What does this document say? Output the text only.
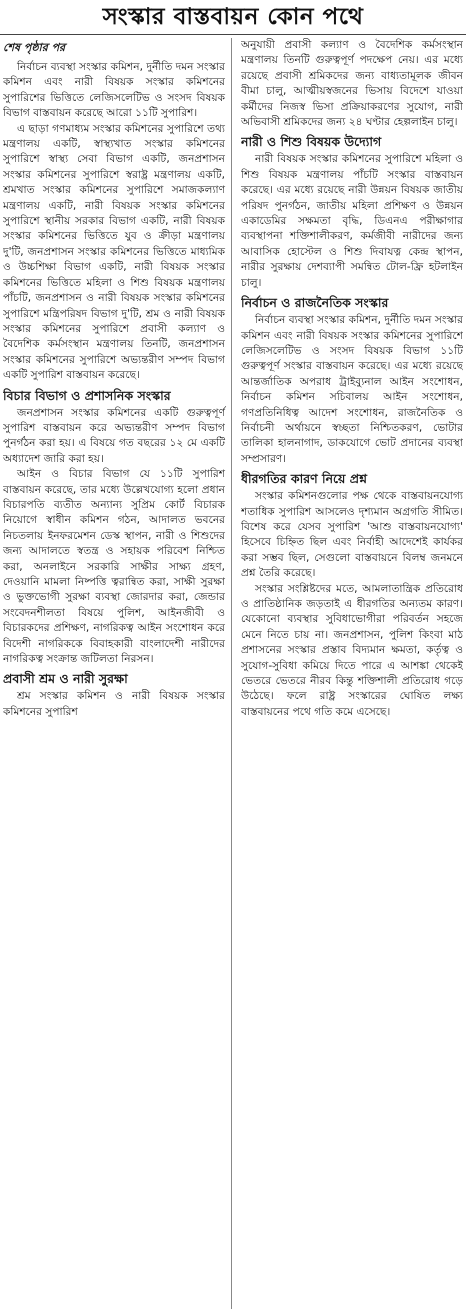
সংস্কার বাস্তবায়ন কোন পথে
শেষ পৃষ্ঠার পর

নির্বাচন ব্যবস্থা সংস্কার কমিশন, দুর্নীতি দমন সংস্কার কমিশন এবং নারী বিষয়ক সংস্কার কমিশনের সুপারিশের ভিত্তিতে লেজিসলেটিভ ও সংসদ বিষয়ক বিভাগ বাস্তবায়ন করেছে আরো ১১টি সুপারিশ।

এ ছাড়া গণমাধ্যম সংস্কার কমিশনের সুপারিশে তথ্য মন্ত্রণালয় একটি, স্বাস্থ্যখাত সংস্কার কমিশনের সুপারিশে স্বাস্থ্য সেবা বিভাগ একটি, জনপ্রশাসন সংস্কার কমিশনের সুপারিশে স্বরাষ্ট্র মন্ত্রণালয় একটি, শ্রমখাত সংস্কার কমিশনের সুপারিশে সমাজকল্যাণ মন্ত্রণালয় একটি, নারী বিষয়ক সংস্কার কমিশনের সুপারিশে স্থানীয় সরকার বিভাগ একটি, নারী বিষয়ক সংস্কার কমিশনের ভিত্তিতে যুব ও ক্রীড়া মন্ত্রণালয় দু'টি, জনপ্রশাসন সংস্কার কমিশনের ভিত্তিতে মাধ্যমিক ও উচ্চশিক্ষা বিভাগ একটি, নারী বিষয়ক সংস্কার কমিশনের ভিত্তিতে মহিলা ও শিশু বিষয়ক মন্ত্রণালয় পাঁচটি, জনপ্রশাসন ও নারী বিষয়ক সংস্কার কমিশনের সুপারিশে মন্ত্রিপরিষদ বিভাগ দু'টি, শ্রম ও নারী বিষয়ক সংস্কার কমিশনের সুপারিশে প্রবাসী কল্যাণ ও বৈদেশিক কর্মসংস্থান মন্ত্রণালয় তিনটি, জনপ্রশাসন সংস্কার কমিশনের সুপারিশে অভ্যন্তরীণ সম্পদ বিভাগ একটি সুপারিশ বাস্তবায়ন করেছে।

বিচার বিভাগ ও প্রশাসনিক সংস্কার

জনপ্রশাসন সংস্কার কমিশনের একটি গুরুত্বপূর্ণ সুপারিশ বাস্তবায়ন করে অভ্যন্তরীণ সম্পদ বিভাগ পুনর্গঠন করা হয়। এ বিষয়ে গত বছরের ১২ মে একটি অধ্যাদেশ জারি করা হয়।

আইন ও বিচার বিভাগ যে ১১টি সুপারিশ বাস্তবায়ন করেছে, তার মধ্যে উল্লেখযোগ্য হলো প্রধান বিচারপতি ব্যতীত অন্যান্য সুপ্রিম কোর্ট বিচারক নিয়োগে স্বাধীন কমিশন গঠন, আদালত ভবনের নিচতলায় ইনফরমেশন ডেস্ক স্থাপন, নারী ও শিশুদের জন্য আদালতে স্বতন্ত্র ও সহায়ক পরিবেশ নিশ্চিত করা, অনলাইনে সরকারি সাক্ষীর সাক্ষ্য গ্রহণ, দেওয়ানি মামলা নিষ্পত্তি ত্বরান্বিত করা, সাক্ষী সুরক্ষা ও ভুক্তভোগী সুরক্ষা ব্যবস্থা জোরদার করা, জেন্ডার সংবেদনশীলতা বিষয়ে পুলিশ, আইনজীবী ও বিচারকদের প্রশিক্ষণ, নাগরিকত্ব আইন সংশোধন করে বিদেশী নাগরিককে বিবাহকারী বাংলাদেশী নারীদের নাগরিকত্ব সংক্রান্ত জটিলতা নিরসন।

প্রবাসী শ্রম ও নারী সুরক্ষা

শ্রম সংস্কার কমিশন ও নারী বিষয়ক সংস্কার কমিশনের সুপারিশ

অনুযায়ী প্রবাসী কল্যাণ ও বৈদেশিক কর্মসংস্থান মন্ত্রণালয় তিনটি গুরুত্বপূর্ণ পদক্ষেপ নেয়। এর মধ্যে রয়েছে প্রবাসী শ্রমিকদের জন্য বাধ্যতামূলক জীবন বীমা চালু, আত্মীয়স্বজনের ভিসায় বিদেশে যাওয়া কর্মীদের নিজস্ব ভিসা প্রক্রিয়াকরণের সুযোগ, নারী অভিবাসী শ্রমিকদের জন্য ২৪ ঘণ্টার হেল্পলাইন চালু।

নারী ও শিশু বিষয়ক উদ্যোগ

নারী বিষয়ক সংস্কার কমিশনের সুপারিশে মহিলা ও শিশু বিষয়ক মন্ত্রণালয় পাঁচটি সংস্কার বাস্তবায়ন করেছে। এর মধ্যে রয়েছে নারী উন্নয়ন বিষয়ক জাতীয় পরিষদ পুনর্গঠন, জাতীয় মহিলা প্রশিক্ষণ ও উন্নয়ন একাডেমির সক্ষমতা বৃদ্ধি, ডিএনএ পরীক্ষাগার ব্যবস্থাপনা শক্তিশালীকরণ, কর্মজীবী নারীদের জন্য আবাসিক হোস্টেল ও শিশু দিবাযত্ন কেন্দ্র স্থাপন, নারীর সুরক্ষায় দেশব্যাপী সমন্বিত টোল-ফ্রি হটলাইন চালু।

নির্বাচন ও রাজনৈতিক সংস্কার

নির্বাচন ব্যবস্থা সংস্কার কমিশন, দুর্নীতি দমন সংস্কার কমিশন এবং নারী বিষয়ক সংস্কার কমিশনের সুপারিশে লেজিসলেটিভ ও সংসদ বিষয়ক বিভাগ ১১টি গুরুত্বপূর্ণ সংস্কার বাস্তবায়ন করেছে। এর মধ্যে রয়েছে আন্তর্জাতিক অপরাধ ট্রাইব্যুনাল আইন সংশোধন, নির্বাচন কমিশন সচিবালয় আইন সংশোধন, গণপ্রতিনিধিত্ব আদেশ সংশোধন, রাজনৈতিক ও নির্বাচনী অর্থায়নে স্বচ্ছতা নিশ্চিতকরণ, ভোটার তালিকা হালনাগাদ, ডাকযোগে ভোট প্রদানের ব্যবস্থা সম্প্রসারণ।

ধীরগতির কারণ নিয়ে প্রশ্ন

সংস্কার কমিশনগুলোর পক্ষ থেকে বাস্তবায়নযোগ্য শতাধিক সুপারিশ আসলেও দৃশ্যমান অগ্রগতি সীমিত। বিশেষ করে যেসব সুপারিশ 'আশু বাস্তবায়নযোগ্য' হিসেবে চিহ্নিত ছিল এবং নির্বাহী আদেশেই কার্যকর করা সম্ভব ছিল, সেগুলো বাস্তবায়নে বিলম্ব জনমনে প্রশ্ন তৈরি করেছে।

সংস্কার সংশ্লিষ্টদের মতে, আমলাতান্ত্রিক প্রতিরোধ ও প্রাতিষ্ঠানিক জড়তাই এ ধীরগতির অন্যতম কারণ। যেকোনো ব্যবস্থার সুবিধাভোগীরা পরিবর্তন সহজে মেনে নিতে চায় না। জনপ্রশাসন, পুলিশ কিংবা মাঠ প্রশাসনের সংস্কার প্রস্তাব বিদ্যমান ক্ষমতা, কর্তৃত্ব ও সুযোগ-সুবিধা কমিয়ে দিতে পারে এ আশঙ্কা থেকেই ভেতরে ভেতরে নীরব কিন্তু শক্তিশালী প্রতিরোধ গড়ে উঠেছে। ফলে রাষ্ট্র সংস্কারের ঘোষিত লক্ষ্য বাস্তবায়নের পথে গতি কমে এসেছে।
